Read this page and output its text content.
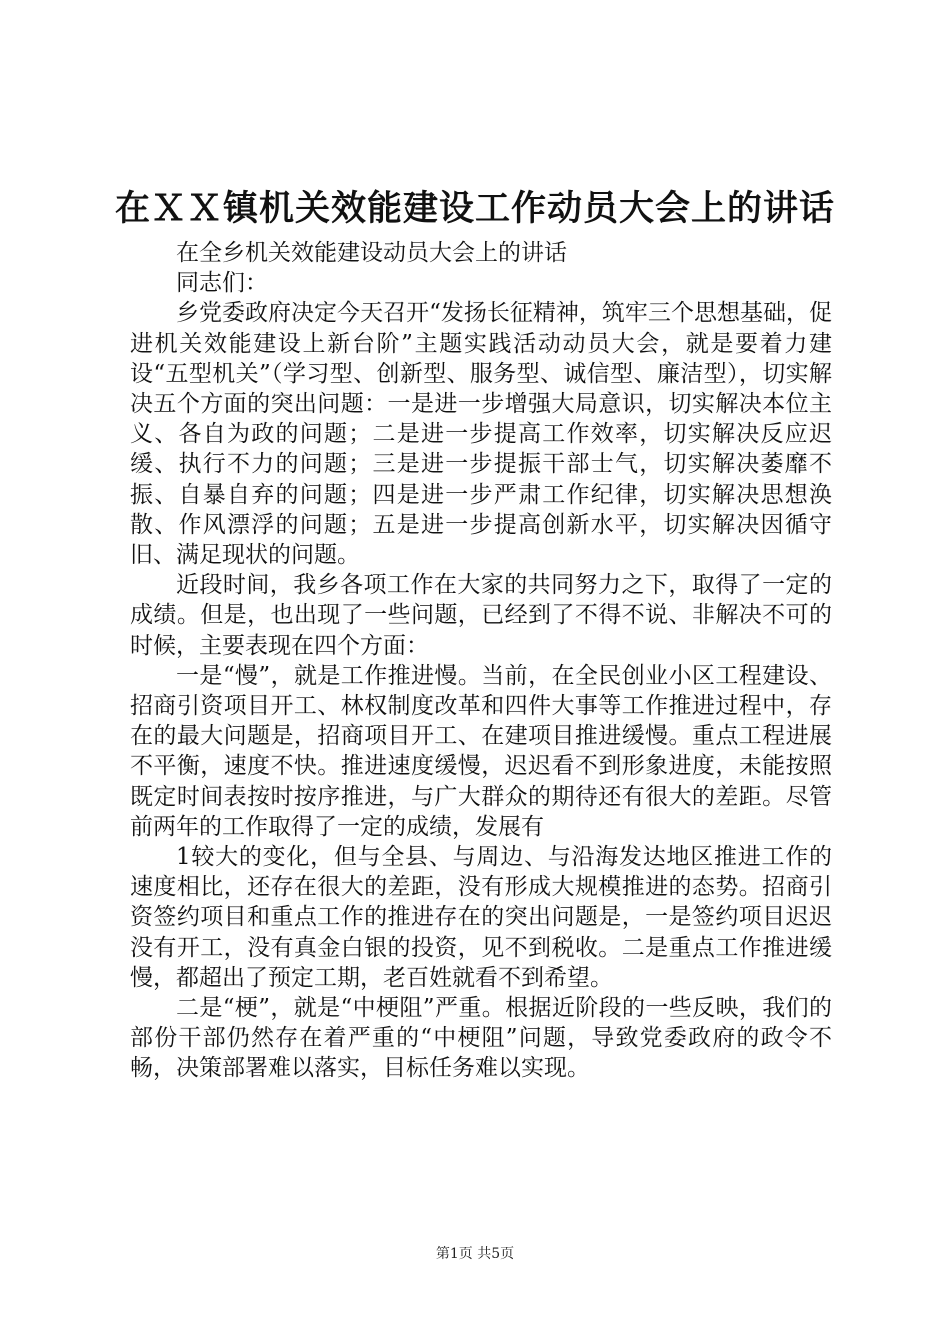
在ＸＸ镇机关效能建设工作动员大会上的讲话

在全乡机关效能建设动员大会上的讲话

同志们：

乡党委政府决定今天召开“发扬长征精神，筑牢三个思想基础，促进机关效能建设上新台阶”主题实践活动动员大会，就是要着力建设“五型机关”（学习型、创新型、服务型、诚信型、廉洁型），切实解决五个方面的突出问题：一是进一步增强大局意识，切实解决本位主义、各自为政的问题；二是进一步提高工作效率，切实解决反应迟缓、执行不力的问题；三是进一步提振干部士气，切实解决萎靡不振、自暴自弃的问题；四是进一步严肃工作纪律，切实解决思想涣散、作风漂浮的问题；五是进一步提高创新水平，切实解决因循守旧、满足现状的问题。

近段时间，我乡各项工作在大家的共同努力之下，取得了一定的成绩。但是，也出现了一些问题，已经到了不得不说、非解决不可的时候，主要表现在四个方面：

一是“慢”，就是工作推进慢。当前，在全民创业小区工程建设、招商引资项目开工、林权制度改革和四件大事等工作推进过程中，存在的最大问题是，招商项目开工、在建项目推进缓慢。重点工程进展不平衡，速度不快。推进速度缓慢，迟迟看不到形象进度，未能按照既定时间表按时按序推进，与广大群众的期待还有很大的差距。尽管前两年的工作取得了一定的成绩，发展有

1较大的变化，但与全县、与周边、与沿海发达地区推进工作的速度相比，还存在很大的差距，没有形成大规模推进的态势。招商引资签约项目和重点工作的推进存在的突出问题是，一是签约项目迟迟没有开工，没有真金白银的投资，见不到税收。二是重点工作推进缓慢，都超出了预定工期，老百姓就看不到希望。

二是“梗”，就是“中梗阻”严重。根据近阶段的一些反映，我们的部份干部仍然存在着严重的“中梗阻”问题，导致党委政府的政令不畅，决策部署难以落实，目标任务难以实现。

第1页 共5页
